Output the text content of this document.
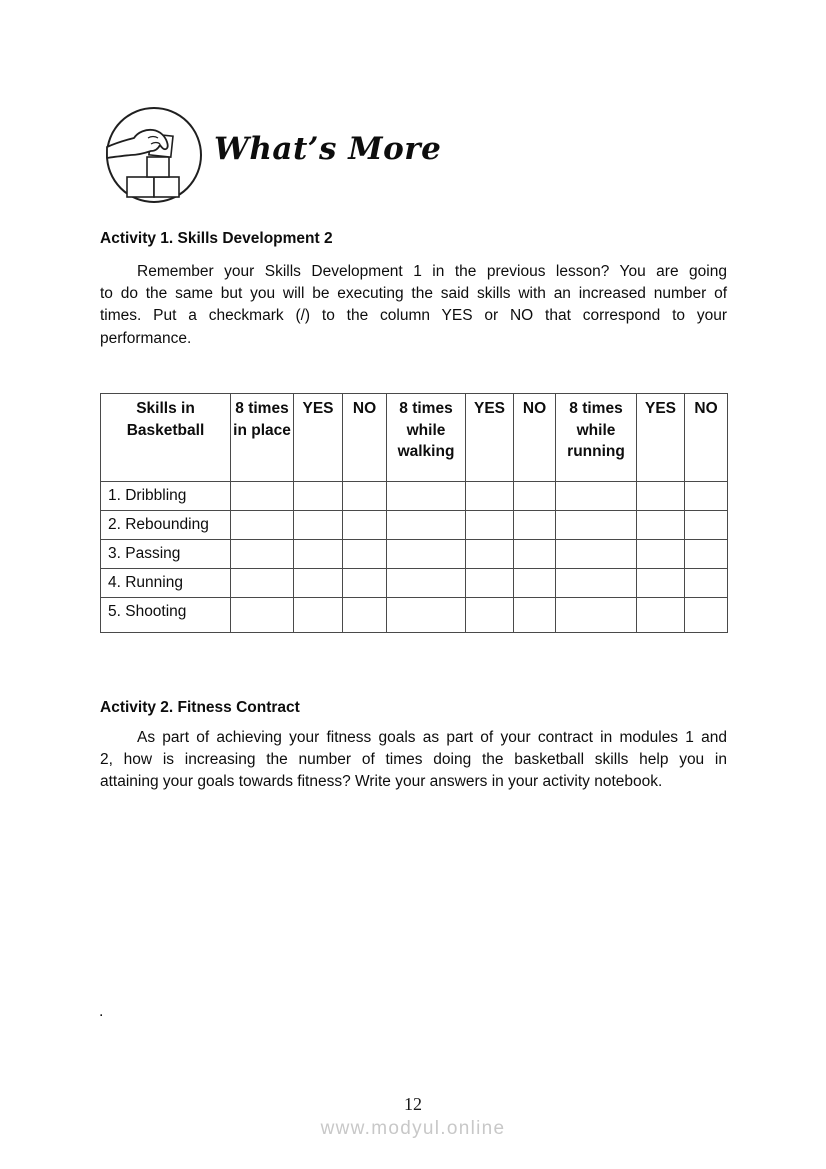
What’s More
Activity 1. Skills Development 2
Remember your Skills Development 1 in the previous lesson? You are going
to do the same but you will be executing the said skills with an increased number of
times. Put a checkmark (/) to the column YES or NO that correspond to your
performance.
Skills in Basketball	8 times in place	YES	NO	8 times while walking	YES	NO	8 times while running	YES	NO
1. Dribbling									
2. Rebounding									
3. Passing									
4. Running									
5. Shooting									
Activity 2. Fitness Contract
As part of achieving your fitness goals as part of your contract in modules 1 and
2, how is increasing the number of times doing the basketball skills help you in
attaining your goals towards fitness? Write your answers in your activity notebook.
.
12
www.modyul.online
